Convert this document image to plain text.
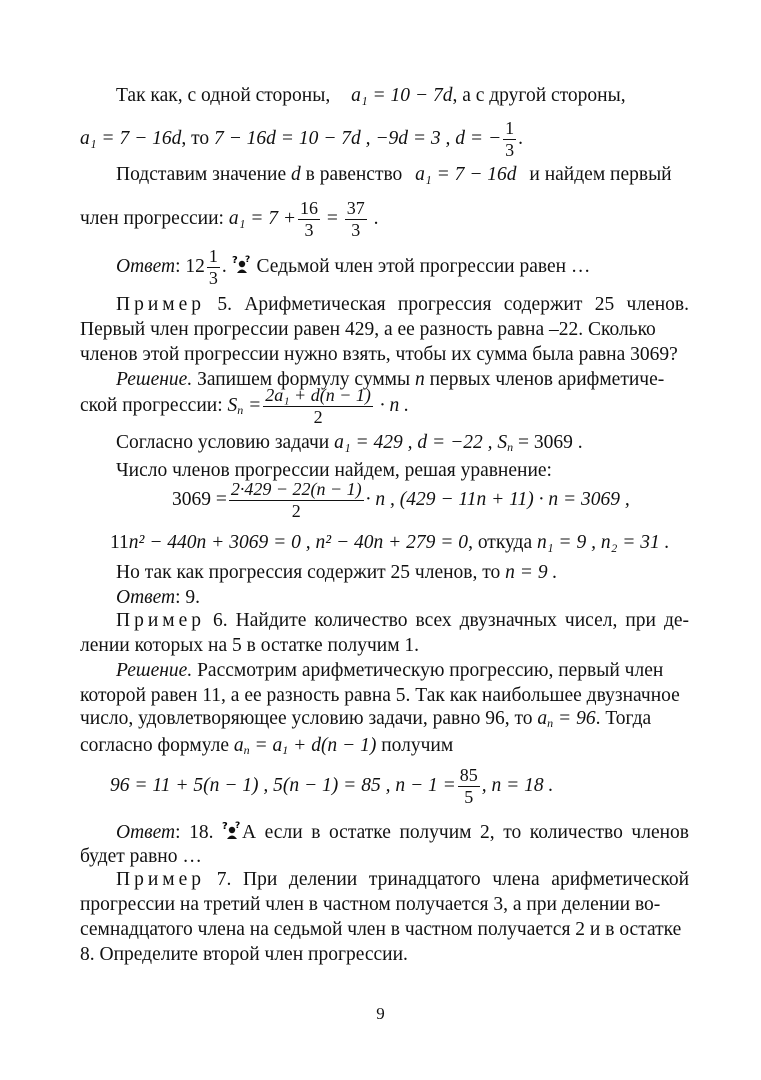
Так как, с одной стороны, a₁ = 10 − 7d, а с другой стороны,
a₁ = 7 − 16d, то 7 − 16d = 10 − 7d , −9d = 3 , d = − $\frac{1}{3}$ .
Подставим значение d в равенство a₁ = 7 − 16d и найдем первый
член прогрессии: $a_1 = 7 + \frac{16}{3} = \frac{37}{3}$ .
Ответ: $12 \frac{1}{3}$ . ? ? Седьмой член этой прогрессии равен …
Пример 5. Арифметическая прогрессия содержит 25 членов.
Первый член прогрессии равен 429, а ее разность равна –22. Сколько
членов этой прогрессии нужно взять, чтобы их сумма была равна 3069?
Решение. Запишем формулу суммы n первых членов арифметиче-
ской прогрессии: $S_n = \frac{\text{2a₁ + d(n − 1)}}{2} \cdot n$ .
Согласно условию задачи a₁ = 429 , d = −22 , $S_n = 3069$ .
Число членов прогрессии найдем, решая уравнение:
$3069 = \frac{2\cdot 429 - 22(n - 1)}{2} \cdot n$ , (429 − 11n + 11) · n = 3069 ,
11n² − 440n + 3069 = 0 , n² − 40n + 279 = 0, откуда n₁ = 9 , n₂ = 31 .
Но так как прогрессия содержит 25 членов, то n = 9 .
Ответ: 9.
Пример 6. Найдите количество всех двузначных чисел, при де-
лении которых на 5 в остатке получим 1.
Решение. Рассмотрим арифметическую прогрессию, первый член
которой равен 11, а ее разность равна 5. Так как наибольшее двузначное
число, удовлетворяющее условию задачи, равно 96, то $a_n = 96$. Тогда
согласно формуле $a_n = a_1 + d(n - 1)$ получим
96 = 11 + 5(n − 1) , 5(n − 1) = 85 , $n - 1 = \frac{85}{5}$ , n = 18 .
Ответ: 18. ? ? А если в остатке получим 2, то количество членов
будет равно …
Пример 7. При делении тринадцатого члена арифметической
прогрессии на третий член в частном получается 3, а при делении во-
семнадцатого члена на седьмой член в частном получается 2 и в остатке
8. Определите второй член прогрессии.
9
